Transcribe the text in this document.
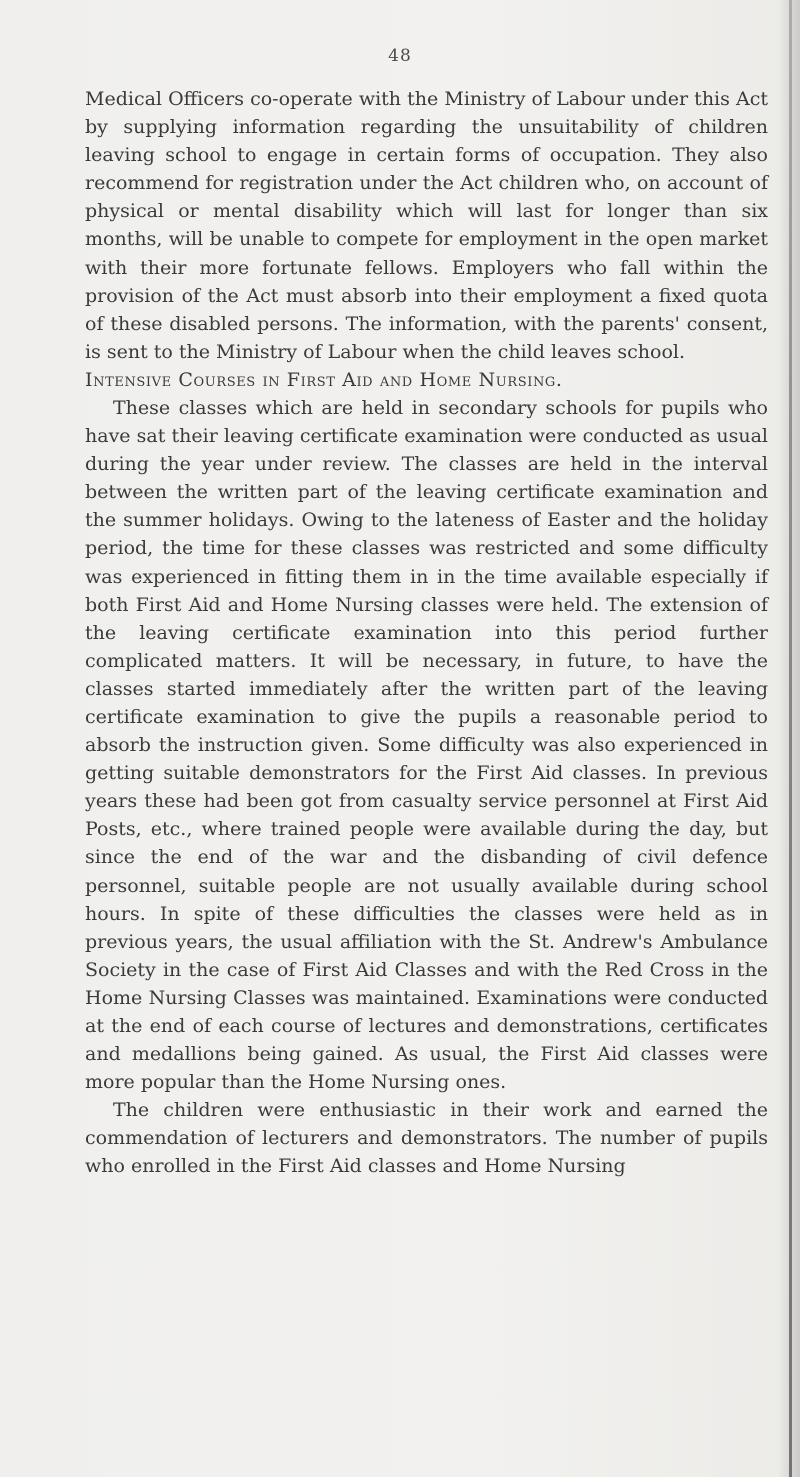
48

Medical Officers co-operate with the Ministry of Labour under this Act by supplying information regarding the unsuitability of children leaving school to engage in certain forms of occupation. They also recommend for registration under the Act children who, on account of physical or mental disability which will last for longer than six months, will be unable to compete for employment in the open market with their more fortunate fellows. Employers who fall within the provision of the Act must absorb into their employment a fixed quota of these disabled persons. The information, with the parents' consent, is sent to the Ministry of Labour when the child leaves school.

Intensive Courses in First Aid and Home Nursing.

These classes which are held in secondary schools for pupils who have sat their leaving certificate examination were conducted as usual during the year under review. The classes are held in the interval between the written part of the leaving certificate examination and the summer holidays. Owing to the lateness of Easter and the holiday period, the time for these classes was restricted and some difficulty was experienced in fitting them in in the time available especially if both First Aid and Home Nursing classes were held. The extension of the leaving certificate examination into this period further complicated matters. It will be necessary, in future, to have the classes started immediately after the written part of the leaving certificate examination to give the pupils a reasonable period to absorb the instruction given. Some difficulty was also experienced in getting suitable demonstrators for the First Aid classes. In previous years these had been got from casualty service personnel at First Aid Posts, etc., where trained people were available during the day, but since the end of the war and the disbanding of civil defence personnel, suitable people are not usually available during school hours. In spite of these difficulties the classes were held as in previous years, the usual affiliation with the St. Andrew's Ambulance Society in the case of First Aid Classes and with the Red Cross in the Home Nursing Classes was maintained. Examinations were conducted at the end of each course of lectures and demonstrations, certificates and medallions being gained. As usual, the First Aid classes were more popular than the Home Nursing ones.

The children were enthusiastic in their work and earned the commendation of lecturers and demonstrators. The number of pupils who enrolled in the First Aid classes and Home Nursing
